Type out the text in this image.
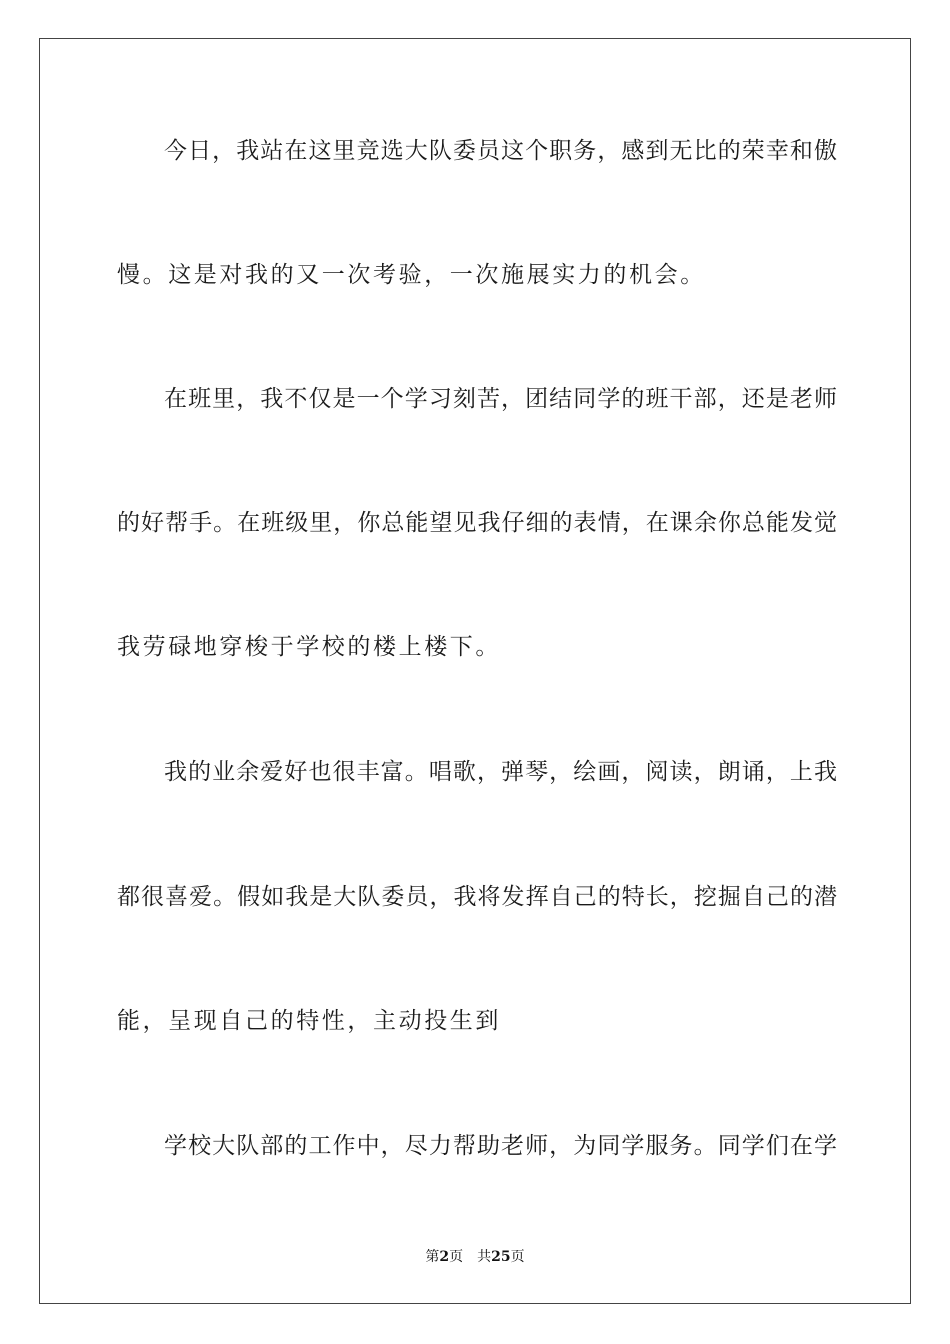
今日，我站在这里竞选大队委员这个职务，感到无比的荣幸和傲
慢。这是对我的又一次考验，一次施展实力的机会。
在班里，我不仅是一个学习刻苦，团结同学的班干部，还是老师
的好帮手。在班级里，你总能望见我仔细的表情，在课余你总能发觉
我劳碌地穿梭于学校的楼上楼下。
我的业余爱好也很丰富。唱歌，弹琴，绘画，阅读，朗诵，上我
都很喜爱。假如我是大队委员，我将发挥自己的特长，挖掘自己的潜
能，呈现自己的特性，主动投生到
学校大队部的工作中，尽力帮助老师，为同学服务。同学们在学
第2页 共25页
